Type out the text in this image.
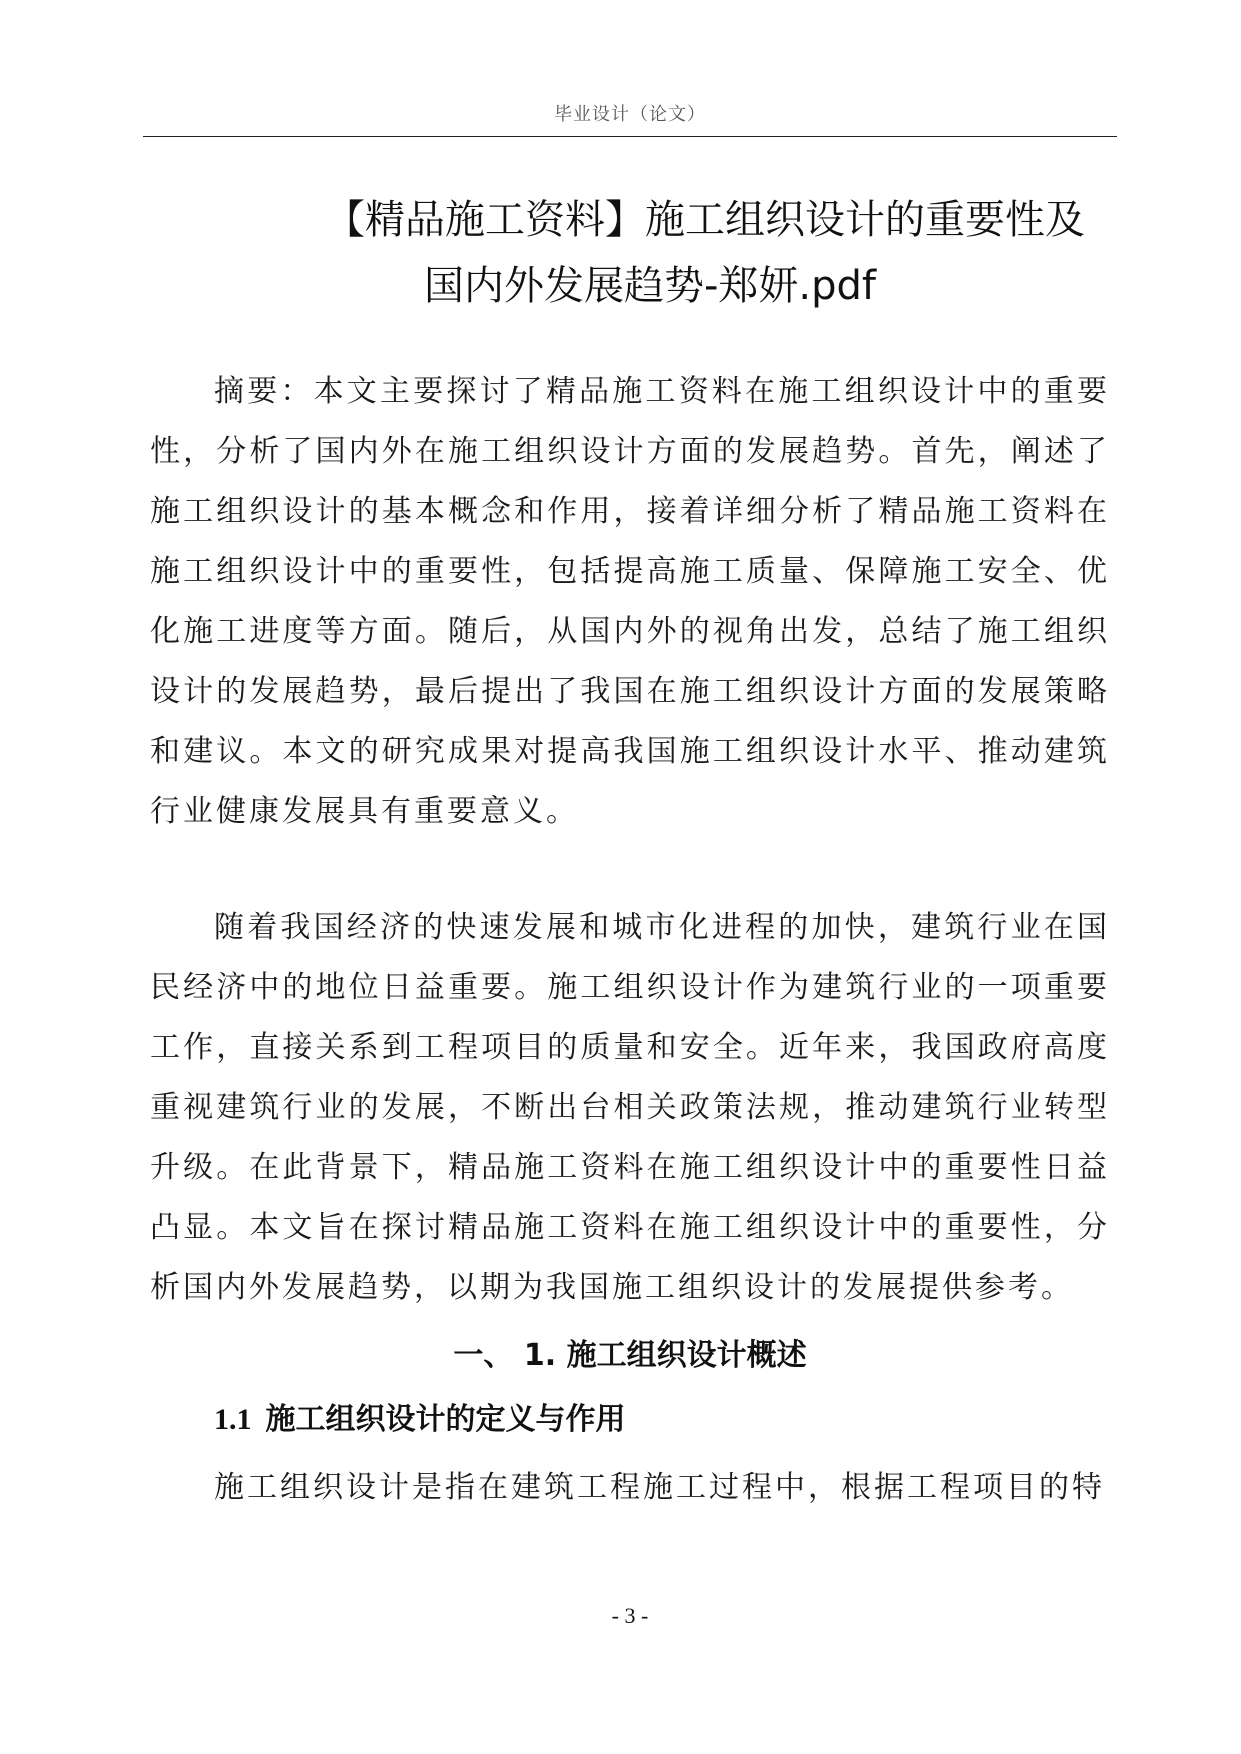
毕业设计（论文）
【精品施工资料】施工组织设计的重要性及
国内外发展趋势-郑妍.pdf

摘要：本文主要探讨了精品施工资料在施工组织设计中的重要性，分析了国内外在施工组织设计方面的发展趋势。首先，阐述了施工组织设计的基本概念和作用，接着详细分析了精品施工资料在施工组织设计中的重要性，包括提高施工质量、保障施工安全、优化施工进度等方面。随后，从国内外的视角出发，总结了施工组织设计的发展趋势，最后提出了我国在施工组织设计方面的发展策略和建议。本文的研究成果对提高我国施工组织设计水平、推动建筑行业健康发展具有重要意义。

随着我国经济的快速发展和城市化进程的加快，建筑行业在国民经济中的地位日益重要。施工组织设计作为建筑行业的一项重要工作，直接关系到工程项目的质量和安全。近年来，我国政府高度重视建筑行业的发展，不断出台相关政策法规，推动建筑行业转型升级。在此背景下，精品施工资料在施工组织设计中的重要性日益凸显。本文旨在探讨精品施工资料在施工组织设计中的重要性，分析国内外发展趋势，以期为我国施工组织设计的发展提供参考。

一、 1. 施工组织设计概述
1.1 施工组织设计的定义与作用

施工组织设计是指在建筑工程施工过程中，根据工程项目的特

- 3 -
